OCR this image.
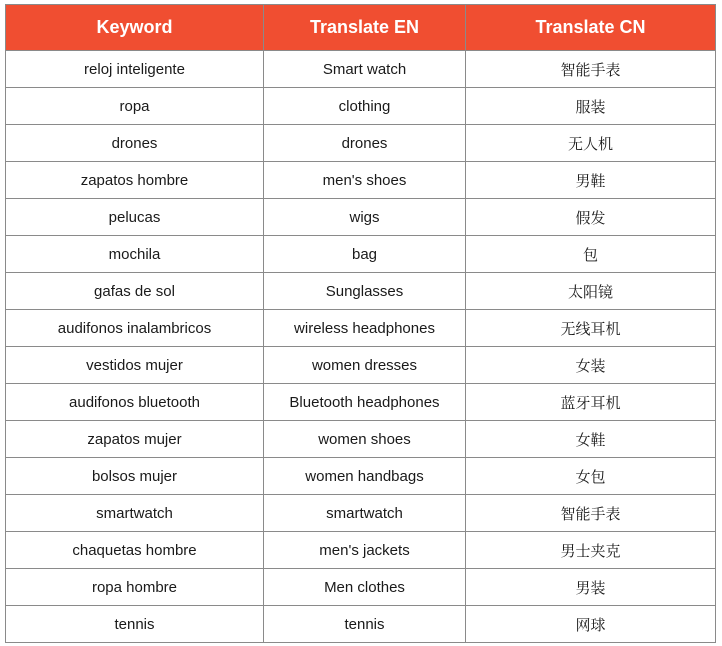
Keyword	Translate EN	Translate CN
reloj inteligente	Smart watch	智能手表
ropa	clothing	服装
drones	drones	无人机
zapatos hombre	men's shoes	男鞋
pelucas	wigs	假发
mochila	bag	包
gafas de sol	Sunglasses	太阳镜
audifonos inalambricos	wireless headphones	无线耳机
vestidos mujer	women dresses	女装
audifonos bluetooth	Bluetooth headphones	蓝牙耳机
zapatos mujer	women shoes	女鞋
bolsos mujer	women handbags	女包
smartwatch	smartwatch	智能手表
chaquetas hombre	men's jackets	男士夹克
ropa hombre	Men clothes	男装
tennis	tennis	网球
